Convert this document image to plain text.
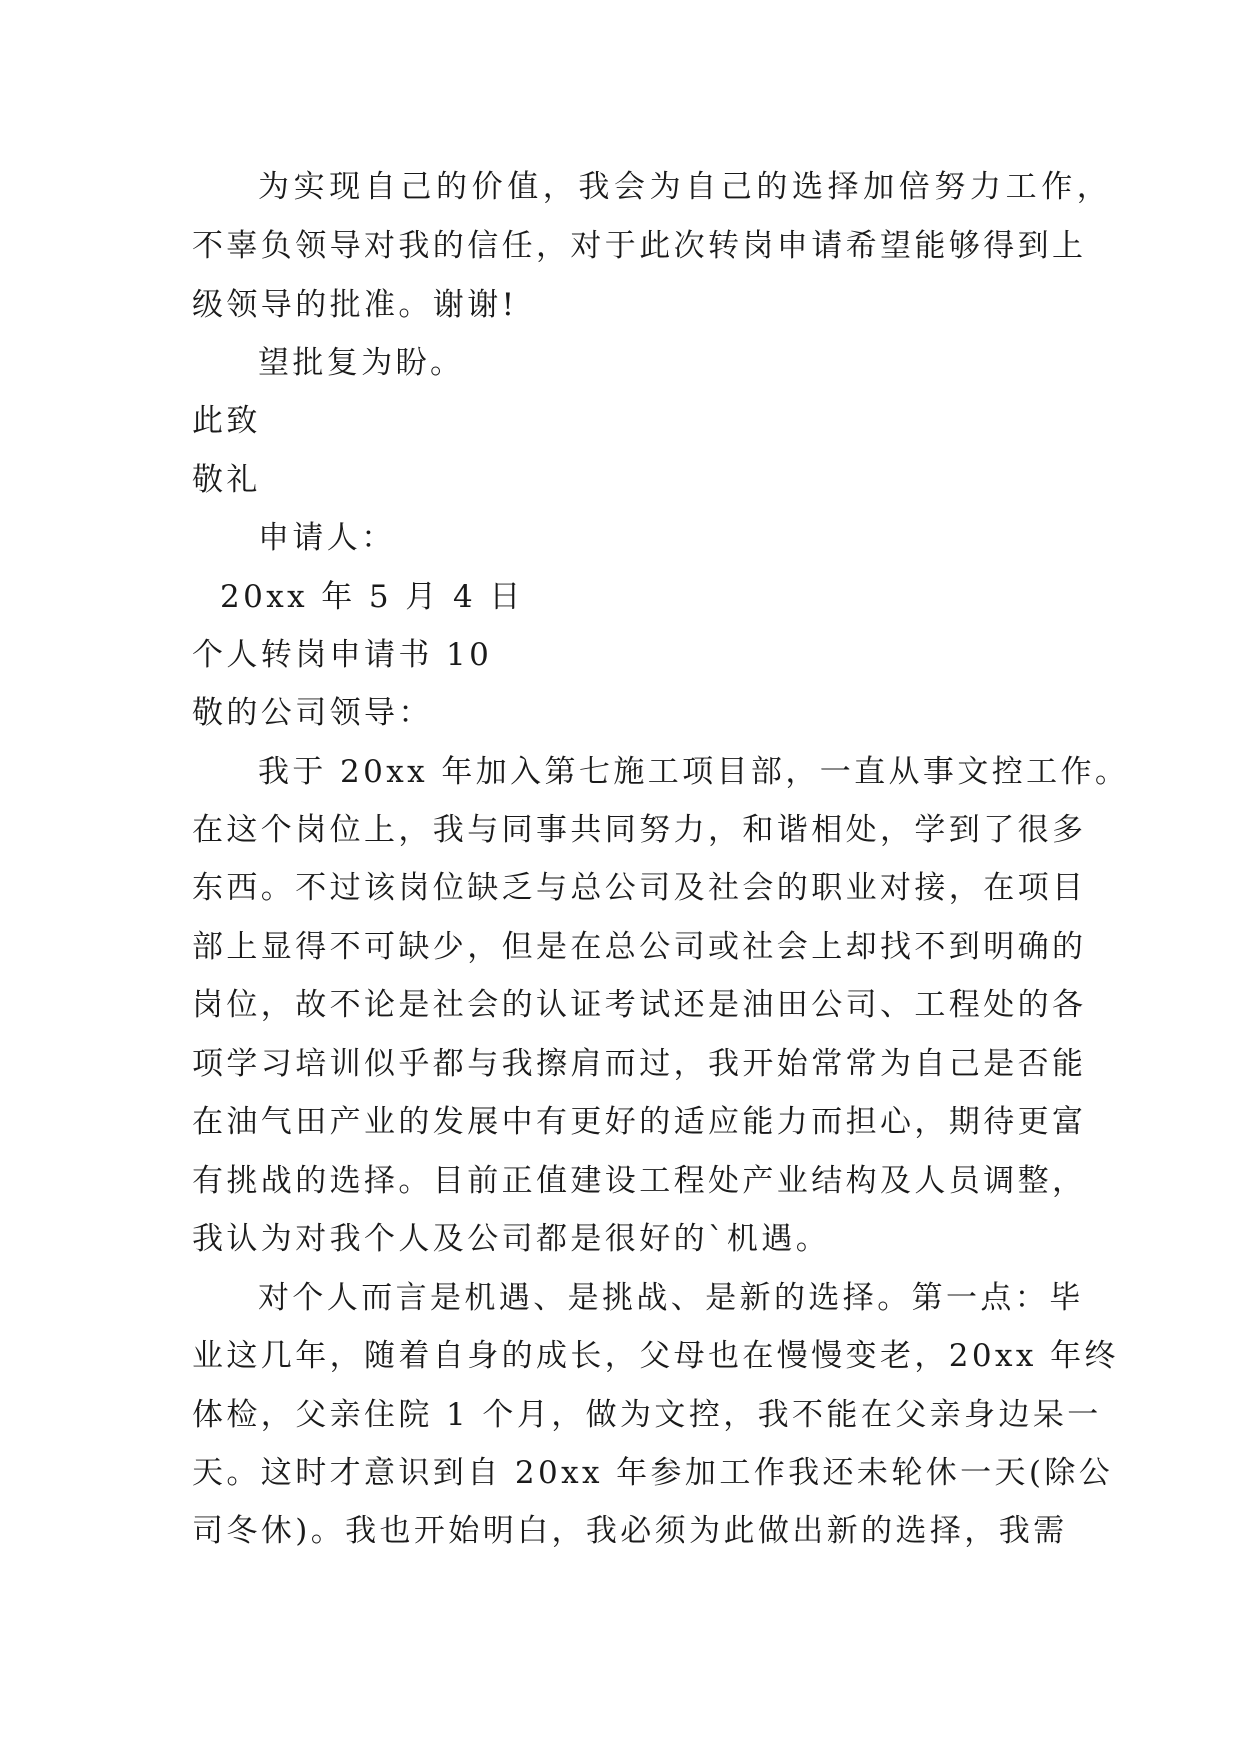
为实现自己的价值，我会为自己的选择加倍努力工作，
不辜负领导对我的信任，对于此次转岗申请希望能够得到上
级领导的批准。谢谢!
望批复为盼。
此致
敬礼
申请人：
20xx 年 5 月 4 日
个人转岗申请书 10
敬的公司领导：
我于 20xx 年加入第七施工项目部，一直从事文控工作。
在这个岗位上，我与同事共同努力，和谐相处，学到了很多
东西。不过该岗位缺乏与总公司及社会的职业对接，在项目
部上显得不可缺少，但是在总公司或社会上却找不到明确的
岗位，故不论是社会的认证考试还是油田公司、工程处的各
项学习培训似乎都与我擦肩而过，我开始常常为自己是否能
在油气田产业的发展中有更好的适应能力而担心，期待更富
有挑战的选择。目前正值建设工程处产业结构及人员调整，
我认为对我个人及公司都是很好的`机遇。
对个人而言是机遇、是挑战、是新的选择。第一点：毕
业这几年，随着自身的成长，父母也在慢慢变老，20xx 年终
体检，父亲住院 1 个月，做为文控，我不能在父亲身边呆一
天。这时才意识到自 20xx 年参加工作我还未轮休一天(除公
司冬休)。我也开始明白，我必须为此做出新的选择，我需
